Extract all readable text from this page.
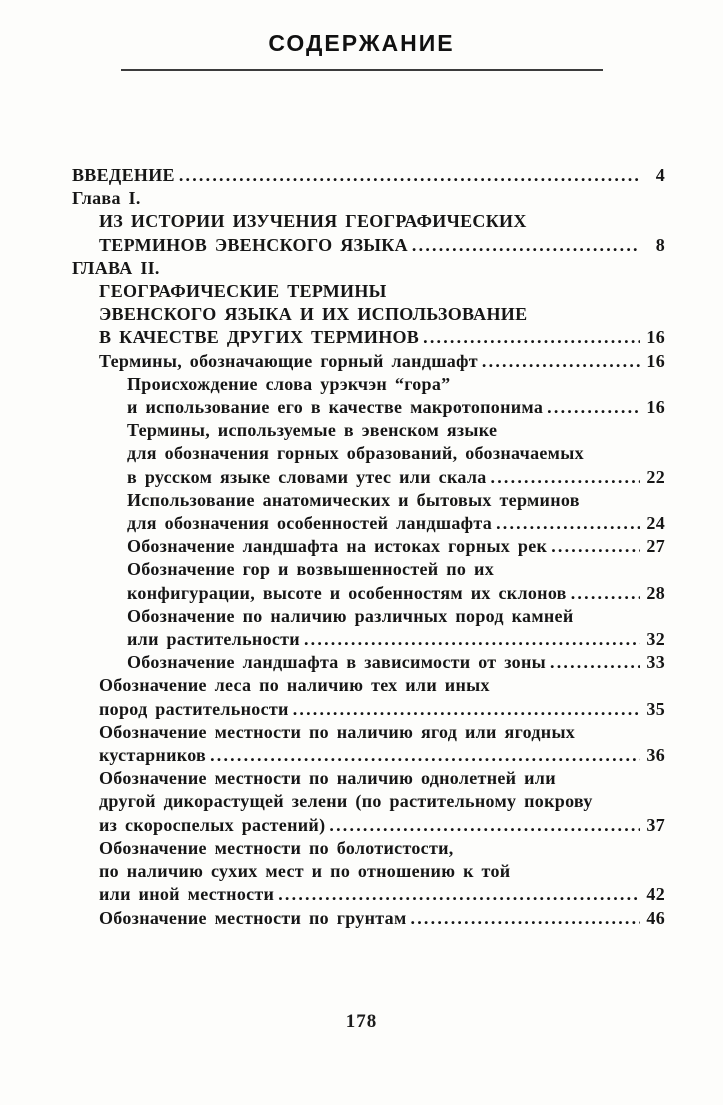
СОДЕРЖАНИЕ
ВВЕДЕНИЕ .....	4
Глава I.
ИЗ ИСТОРИИ ИЗУЧЕНИЯ ГЕОГРАФИЧЕСКИХ
ТЕРМИНОВ ЭВЕНСКОГО ЯЗЫКА .....	8
ГЛАВА II.
ГЕОГРАФИЧЕСКИЕ ТЕРМИНЫ
ЭВЕНСКОГО ЯЗЫКА И ИХ ИСПОЛЬЗОВАНИЕ
В КАЧЕСТВЕ ДРУГИХ ТЕРМИНОВ .....	16
Термины, обозначающие горный ландшафт .....	16
Происхождение слова урэкчэн “гора”
и использование его в качестве макротопонима .....	16
Термины, используемые в эвенском языке
для обозначения горных образований, обозначаемых
в русском языке словами утес или скала .....	22
Использование анатомических и бытовых терминов
для обозначения особенностей ландшафта .....	24
Обозначение ландшафта на истоках горных рек .....	27
Обозначение гор и возвышенностей по их
конфигурации, высоте и особенностям их склонов .....	28
Обозначение по наличию различных пород камней
или растительности .....	32
Обозначение ландшафта в зависимости от зоны .....	33
Обозначение леса по наличию тех или иных
пород растительности .....	35
Обозначение местности по наличию ягод или ягодных
кустарников .....	36
Обозначение местности по наличию однолетней или
другой дикорастущей зелени (по растительному покрову
из скороспелых растений) .....	37
Обозначение местности по болотистости,
по наличию сухих мест и по отношению к той
или иной местности .....	42
Обозначение местности по грунтам .....	46
178
